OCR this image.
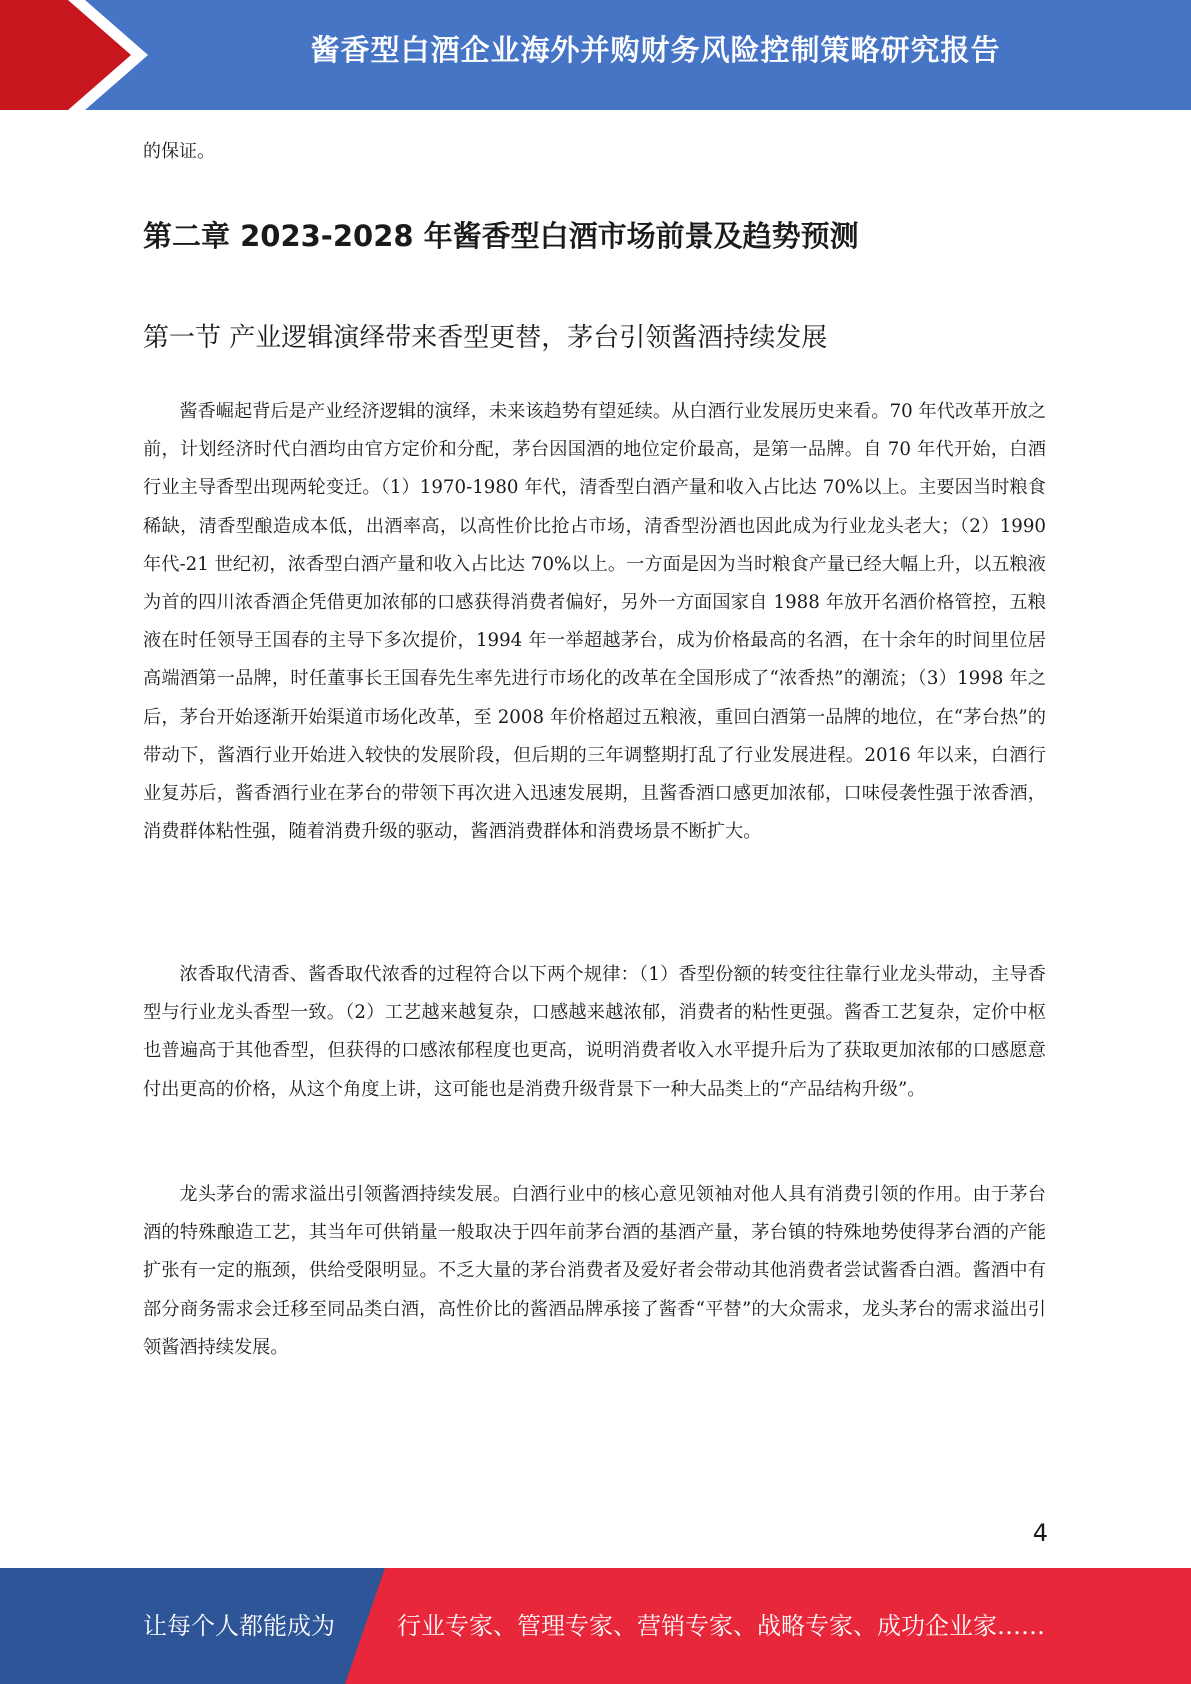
酱香型白酒企业海外并购财务风险控制策略研究报告
的保证。
第二章 2023-2028 年酱香型白酒市场前景及趋势预测
第一节 产业逻辑演绎带来香型更替，茅台引领酱酒持续发展

酱香崛起背后是产业经济逻辑的演绎，未来该趋势有望延续。从白酒行业发展历史来看。70 年代改革开放之前，计划经济时代白酒均由官方定价和分配，茅台因国酒的地位定价最高，是第一品牌。自 70 年代开始，白酒行业主导香型出现两轮变迁。（1）1970-1980 年代，清香型白酒产量和收入占比达 70%以上。主要因当时粮食稀缺，清香型酿造成本低，出酒率高，以高性价比抢占市场，清香型汾酒也因此成为行业龙头老大；（2）1990 年代-21 世纪初，浓香型白酒产量和收入占比达 70%以上。一方面是因为当时粮食产量已经大幅上升，以五粮液为首的四川浓香酒企凭借更加浓郁的口感获得消费者偏好，另外一方面国家自 1988 年放开名酒价格管控，五粮液在时任领导王国春的主导下多次提价，1994 年一举超越茅台，成为价格最高的名酒，在十余年的时间里位居高端酒第一品牌，时任董事长王国春先生率先进行市场化的改革在全国形成了“浓香热”的潮流；（3）1998 年之后，茅台开始逐渐开始渠道市场化改革，至 2008 年价格超过五粮液，重回白酒第一品牌的地位，在“茅台热”的带动下，酱酒行业开始进入较快的发展阶段，但后期的三年调整期打乱了行业发展进程。2016 年以来，白酒行业复苏后，酱香酒行业在茅台的带领下再次进入迅速发展期，且酱香酒口感更加浓郁，口味侵袭性强于浓香酒，消费群体粘性强，随着消费升级的驱动，酱酒消费群体和消费场景不断扩大。

浓香取代清香、酱香取代浓香的过程符合以下两个规律：（1）香型份额的转变往往靠行业龙头带动，主导香型与行业龙头香型一致。（2）工艺越来越复杂，口感越来越浓郁，消费者的粘性更强。酱香工艺复杂，定价中枢也普遍高于其他香型，但获得的口感浓郁程度也更高，说明消费者收入水平提升后为了获取更加浓郁的口感愿意付出更高的价格，从这个角度上讲，这可能也是消费升级背景下一种大品类上的“产品结构升级”。

龙头茅台的需求溢出引领酱酒持续发展。白酒行业中的核心意见领袖对他人具有消费引领的作用。由于茅台酒的特殊酿造工艺，其当年可供销量一般取决于四年前茅台酒的基酒产量，茅台镇的特殊地势使得茅台酒的产能扩张有一定的瓶颈，供给受限明显。不乏大量的茅台消费者及爱好者会带动其他消费者尝试酱香白酒。酱酒中有部分商务需求会迁移至同品类白酒，高性价比的酱酒品牌承接了酱香“平替”的大众需求，龙头茅台的需求溢出引领酱酒持续发展。

4
让每个人都能成为	行业专家、管理专家、营销专家、战略专家、成功企业家……
